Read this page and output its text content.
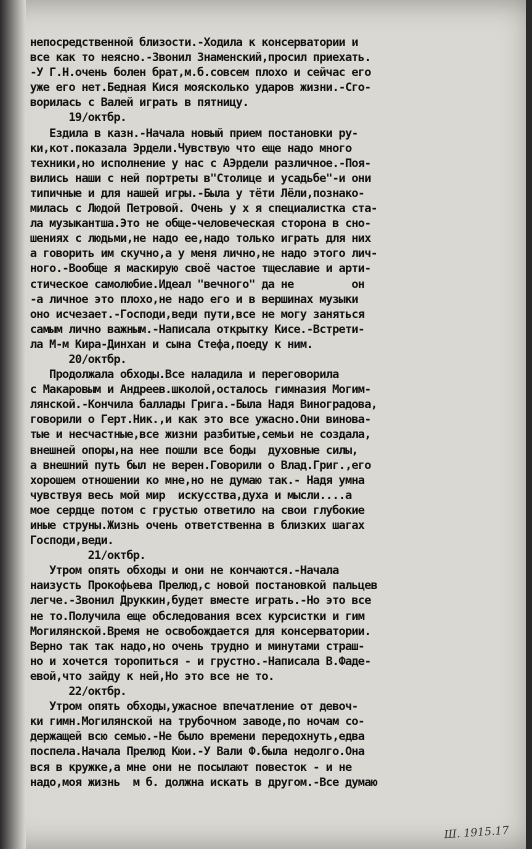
непосредственной близости.-Ходила к консерватории и
все как то неясно.-Звонил Знаменский,просил приехать.
-У Г.Н.очень болен брат,м.б.совсем плохо и сейчас его
уже его нет.Бедная Кися моясколько ударов жизни.-Сго-
ворилась с Валей играть в пятницу.
19/октбр.
Ездила в казн.-Начала новый прием постановки ру-
ки,кот.показала Эрдели.Чувствую что еще надо много
техники,но исполнение у нас с АЭрдели различное.-Поя-
вились наши с ней портреты в"Столице и усадьбе"-и они
типичные и для нашей игры.-Была у тёти Лёли,познако-
милась с Людой Петровой. Очень у х я специалистка ста-
ла музыкантша.Это не обще-человеческая сторона в сно-
шениях с людьми,не надо ее,надо только играть для них
а говорить им скучно,а у меня лично,не надо этого лич-
ного.-Вообще я маскирую своё частое тщеславие и арти-
стическое самолюбие.Идеал "вечного" да не         он
-а личное это плохо,не надо его и в вершинах музыки
оно исчезает.-Господи,веди пути,все не могу заняться
самым лично важным.-Написала открытку Кисе.-Встрети-
ла М-м Кира-Динхан и сына Стефа,поеду к ним.
20/октбр.
Продолжала обходы.Все наладила и переговорила
с Макаровым и Андреев.школой,осталось гимназия Могим-
лянской.-Кончила баллады Грига.-Была Надя Виноградова,
говорили о Герт.Ник.,и как это все ужасно.Они винова-
тые и несчастные,все жизни разбитые,семьи не создала,
внешней опоры,на нее пошли все боды  духовные силы,
а внешний путь был не верен.Говорили о Влад.Григ.,его
хорошем отношении ко мне,но не думаю так.- Надя умна
чувствуя весь мой мир  искусства,духа и мысли....а
мое сердце потом с грустью ответило на свои глубокие
иные струны.Жизнь очень ответственна в близких шагах
Господи,веди.
21/октбр.
Утром опять обходы и они не кончаются.-Начала
наизусть Прокофьева Прелюд,с новой постановкой пальцев
легче.-Звонил Друккин,будет вместе играть.-Но это все
не то.Получила еще обследования всех курсистки и гим
Могилянской.Время не освобождается для консерватории.
Верно так так надо,но очень трудно и минутами страш-
но и хочется торопиться - и грустно.-Написала В.Фаде-
евой,что зайду к ней,Но это все не то.
22/октбр.
Утром опять обходы,ужасное впечатление от девоч-
ки гимн.Могилянской на трубочном заводе,по ночам со-
держащей всю семью.-Не было времени передохнуть,едва
поспела.Начала Прелюд Кюи.-У Вали Ф.была недолго.Она
вся в кружке,а мне они не посылают повесток - и не
надо,моя жизнь  м б. должна искать в другом.-Все думаю
Ш. 1915.17
